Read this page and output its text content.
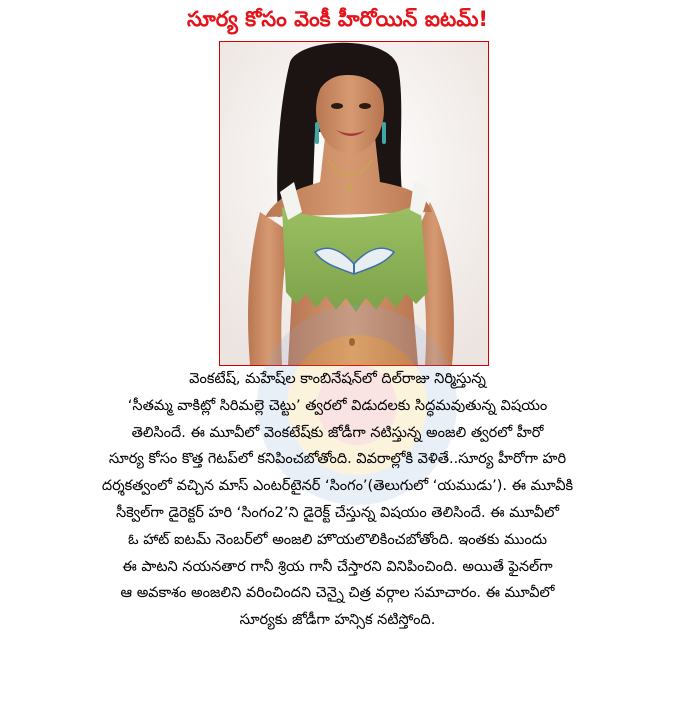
సూర్య కోసం వెంకీ హీరోయిన్ ఐటమ్!
వెంకటేష్, మహేష్‌ల కాంబినేషన్‌లో దిల్‌రాజు నిర్మిస్తున్న
‘సీతమ్మ వాకిట్లో సిరిమల్లె చెట్టు’ త్వరలో విడుదలకు సిద్ధమవుతున్న విషయం
తెలిసిందే. ఈ మూవీలో వెంకటేష్‌కు జోడీగా నటిస్తున్న అంజలి త్వరలో హీరో
సూర్య కోసం కొత్త గెటప్‌లో కనిపించబోతోంది. వివరాల్లోకి వెళితే..సూర్య హీరోగా హరి
దర్శకత్వంలో వచ్చిన మాస్ ఎంటర్‌టైనర్ ‘సింగం’(తెలుగులో ‘యముడు’). ఈ మూవీకి
సీక్వెల్‌గా డైరెక్టర్ హరి ‘సింగం2’ని డైరెక్ట్ చేస్తున్న విషయం తెలిసిందే. ఈ మూవీలో
ఓ హాట్ ఐటమ్ నెంబర్‌లో అంజలి హొయలొలికించబోతోంది. ఇంతకు ముందు
ఈ పాటని నయనతార గానీ శ్రియ గానీ చేస్తారని వినిపించింది. అయితే ఫైనల్‌గా
ఆ అవకాశం అంజలిని వరించిందని చెన్నై చిత్ర వర్గాల సమాచారం. ఈ మూవీలో
సూర్యకు జోడీగా హన్సిక నటిస్తోంది.
